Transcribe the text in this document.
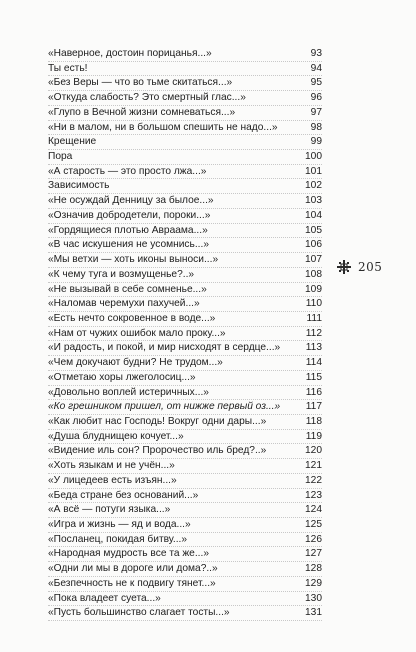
«Наверное, достоин порицанья...»	93
Ты есть!	94
«Без Веры — что во тьме скитаться...»	95
«Откуда слабость? Это смертный глас...»	96
«Глупо в Вечной жизни сомневаться...»	97
«Ни в малом, ни в большом спешить не надо...»	98
Крещение	99
Пора	100
«А старость — это просто лжа...»	101
Зависимость	102
«Не осуждай Денницу за былое...»	103
«Означив добродетели, пороки...»	104
«Гордящиеся плотью Авраама...»	105
«В час искушения не усомнись...»	106
«Мы ветхи — хоть иконы выноси...»	107
«К чему туга и возмущенье?..»	108
«Не вызывай в себе сомненье...»	109
«Наломав черемухи пахучей...»	110
«Есть нечто сокровенное в воде...»	111
«Нам от чужих ошибок мало проку...»	112
«И радость, и покой, и мир нисходят в сердце...»	113
«Чем докучают будни? Не трудом...»	114
«Отметаю хоры лжеголосиц...»	115
«Довольно воплей истеричных...»	116
«Ко грешником пришел, от нижже первый оз...»	117
«Как любит нас Господь! Вокруг одни дары...»	118
«Душа блуднищею кочует...»	119
«Видение иль сон? Пророчество иль бред?..»	120
«Хоть языкам и не учён...»	121
«У лицедеев есть изъян...»	122
«Беда стране без оснований...»	123
«А всё — потуги языка...»	124
«Игра и жизнь — яд и вода...»	125
«Посланец, покидая битву...»	126
«Народная мудрость все та же...»	127
«Одни ли мы в дороге или дома?..»	128
«Безпечность не к подвигу тянет...»	129
«Пока владеет суета...»	130
«Пусть большинство слагает тосты...»	131
205
